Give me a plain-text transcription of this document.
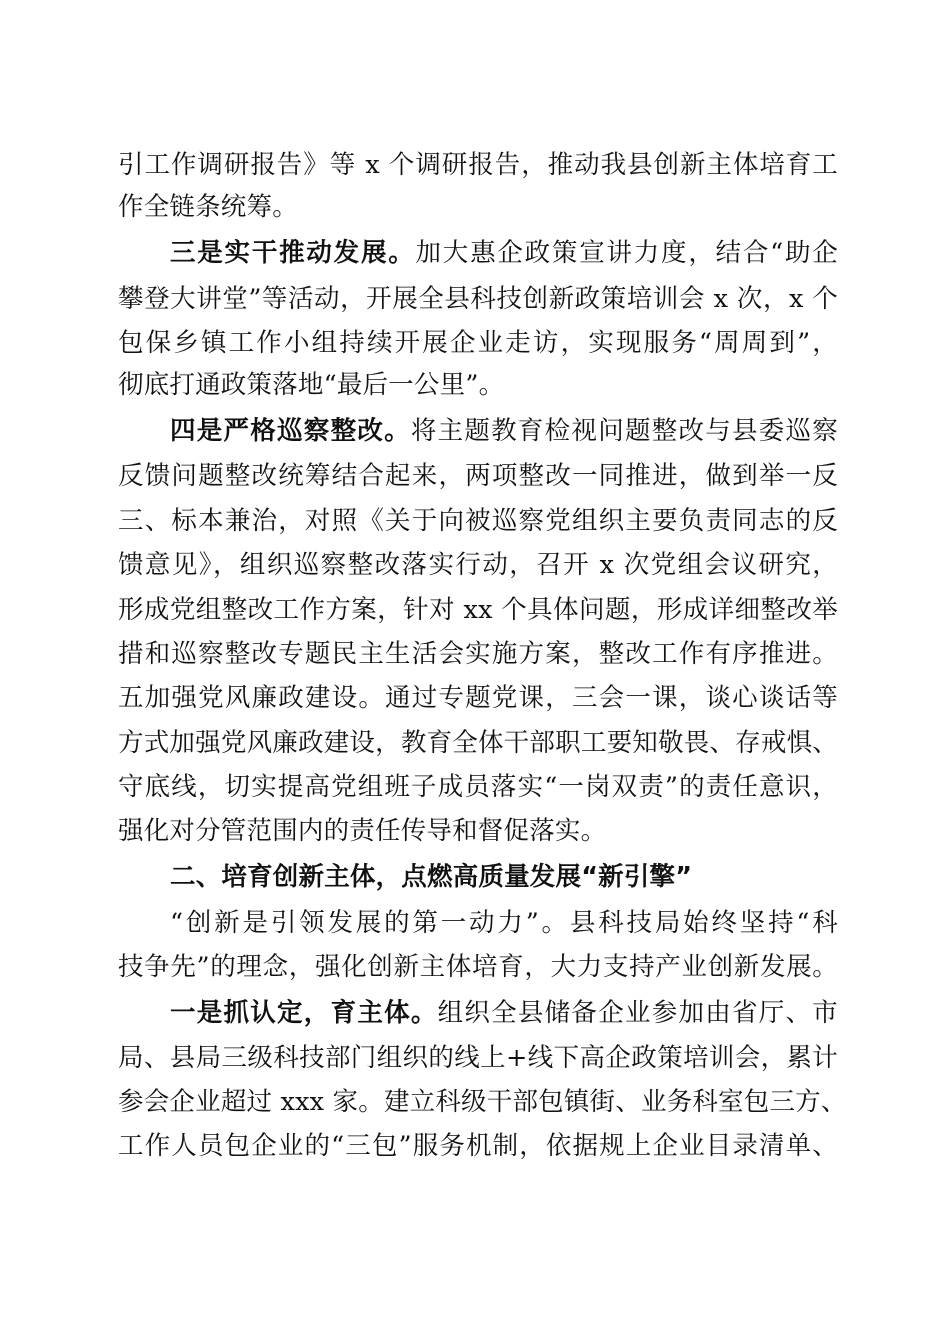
引工作调研报告》等 x 个调研报告，推动我县创新主体培育工
作全链条统筹。
三是实干推动发展。加大惠企政策宣讲力度，结合“助企
攀登大讲堂”等活动，开展全县科技创新政策培训会 x 次，x 个
包保乡镇工作小组持续开展企业走访，实现服务“周周到”，
彻底打通政策落地“最后一公里”。
四是严格巡察整改。将主题教育检视问题整改与县委巡察
反馈问题整改统筹结合起来，两项整改一同推进，做到举一反
三、标本兼治，对照《关于向被巡察党组织主要负责同志的反
馈意见》，组织巡察整改落实行动，召开 x 次党组会议研究，
形成党组整改工作方案，针对 xx 个具体问题，形成详细整改举
措和巡察整改专题民主生活会实施方案，整改工作有序推进。
五加强党风廉政建设。通过专题党课，三会一课，谈心谈话等
方式加强党风廉政建设，教育全体干部职工要知敬畏、存戒惧、
守底线，切实提高党组班子成员落实“一岗双责”的责任意识，
强化对分管范围内的责任传导和督促落实。
二、培育创新主体，点燃高质量发展“新引擎”
“创新是引领发展的第一动力”。县科技局始终坚持“科
技争先”的理念，强化创新主体培育，大力支持产业创新发展。
一是抓认定，育主体。组织全县储备企业参加由省厅、市
局、县局三级科技部门组织的线上+线下高企政策培训会，累计
参会企业超过 xxx 家。建立科级干部包镇街、业务科室包三方、
工作人员包企业的“三包”服务机制，依据规上企业目录清单、
